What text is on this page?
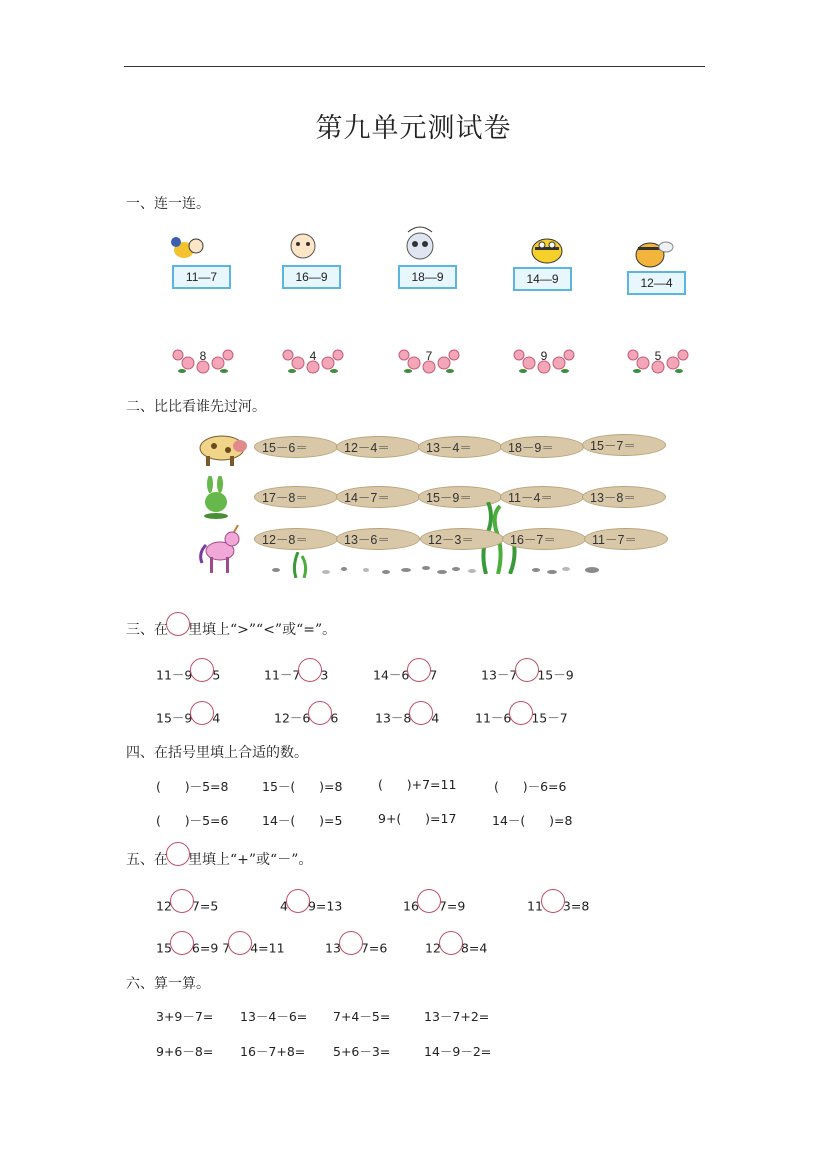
第九单元测试卷
一、连一连。
11—7	16—9	18—9	14—9	12—4
8	4	7	9	5
二、比比看谁先过河。
15－6＝	12－4＝	13－4＝	18－9＝	15－7＝
17－8＝	14－7＝	15－9＝	11－4＝	13－8＝
12－8＝	13－6＝	12－3＝	16－7＝	11－7＝
三、在 里填上“>”“<”或“=”。
11－9 5	11－7 3	14－6 7	13－7 15－9
15－9 4	12－6 6	13－8 4	11－6 15－7
四、在括号里填上合适的数。
(      )－5=8	15－(      )=8	(      )+7=11	(      )－6=6
(      )－5=6	14－(      )=5	9+(      )=17	14－(      )=8
五、在 里填上“+”或“－”。
12 7=5	4 9=13	16 7=9	11 3=8
15 6=9 7 4=11	13 7=6	12 8=4
六、算一算。
3+9－7= 13－4－6= 7+4－5=	13－7+2=
9+6－8= 16－7+8= 5+6－3=	14－9－2=
